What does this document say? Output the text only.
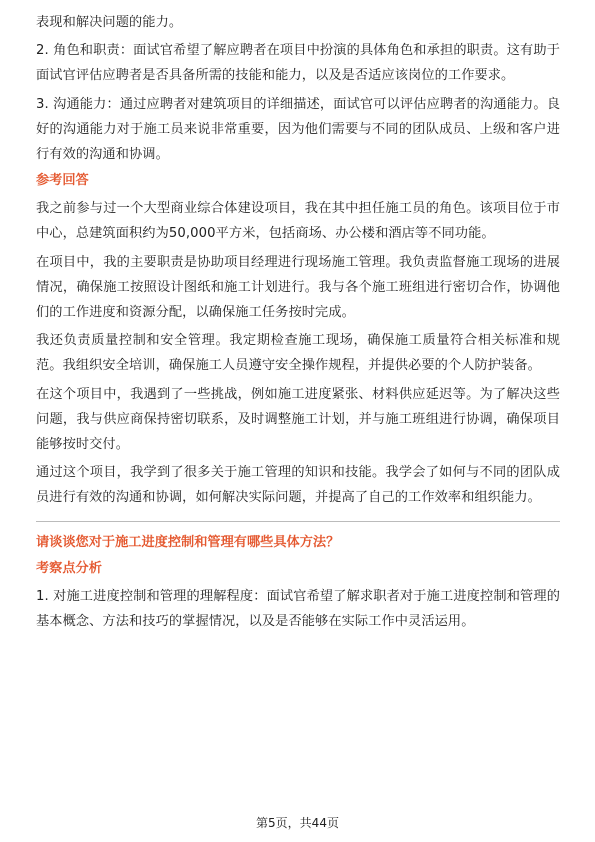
表现和解决问题的能力。

2. 角色和职责：面试官希望了解应聘者在项目中扮演的具体角色和承担的职责。这有助于面试官评估应聘者是否具备所需的技能和能力，以及是否适应该岗位的工作要求。

3. 沟通能力：通过应聘者对建筑项目的详细描述，面试官可以评估应聘者的沟通能力。良好的沟通能力对于施工员来说非常重要，因为他们需要与不同的团队成员、上级和客户进行有效的沟通和协调。

参考回答

我之前参与过一个大型商业综合体建设项目，我在其中担任施工员的角色。该项目位于市中心，总建筑面积约为50,000平方米，包括商场、办公楼和酒店等不同功能。

在项目中，我的主要职责是协助项目经理进行现场施工管理。我负责监督施工现场的进展情况，确保施工按照设计图纸和施工计划进行。我与各个施工班组进行密切合作，协调他们的工作进度和资源分配，以确保施工任务按时完成。

我还负责质量控制和安全管理。我定期检查施工现场，确保施工质量符合相关标准和规范。我组织安全培训，确保施工人员遵守安全操作规程，并提供必要的个人防护装备。

在这个项目中，我遇到了一些挑战，例如施工进度紧张、材料供应延迟等。为了解决这些问题，我与供应商保持密切联系，及时调整施工计划，并与施工班组进行协调，确保项目能够按时交付。

通过这个项目，我学到了很多关于施工管理的知识和技能。我学会了如何与不同的团队成员进行有效的沟通和协调，如何解决实际问题，并提高了自己的工作效率和组织能力。

请谈谈您对于施工进度控制和管理有哪些具体方法？
考察点分析

1. 对施工进度控制和管理的理解程度：面试官希望了解求职者对于施工进度控制和管理的基本概念、方法和技巧的掌握情况，以及是否能够在实际工作中灵活运用。

第5页，共44页
